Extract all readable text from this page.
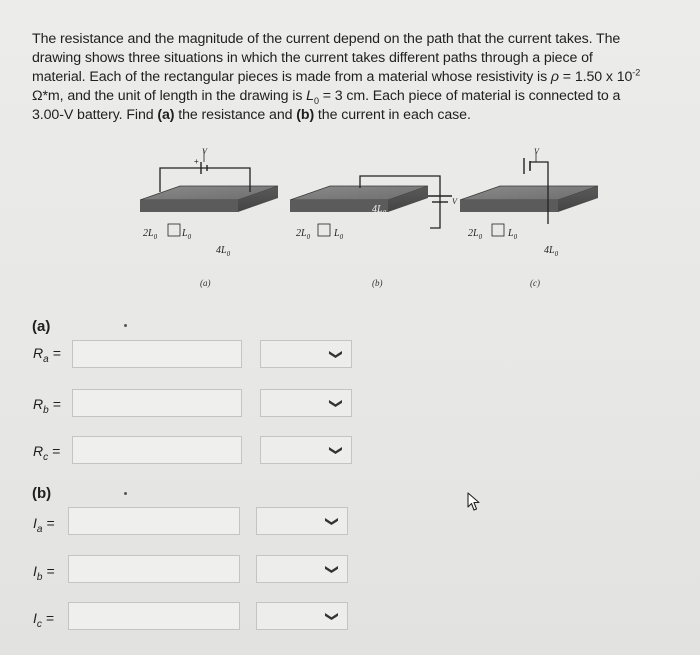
The resistance and the magnitude of the current depend on the path that the current takes. The
drawing shows three situations in which the current takes different paths through a piece of
material. Each of the rectangular pieces is made from a material whose resistivity is ρ = 1.50 x $10^{-2}$
Ω*m, and the unit of length in the drawing is $L_0 = 3$ cm. Each piece of material is connected to a
3.00-V battery. Find (a) the resistance and (b) the current in each case.
V
+
$2L_0$ $L_0$
$4L_0$
(a)
V
$4L_0$
$2L_0$ $L_0$
(b)
V
$2L_0$	$L_0$
$4L_0$
(c)
(a)
$R_a$ =	❯
$R_b$ =	❯
$R_c$ =	❯
(b)
$I_a$ =	❯
$I_b$ =	❯
$I_c$ =	❯
